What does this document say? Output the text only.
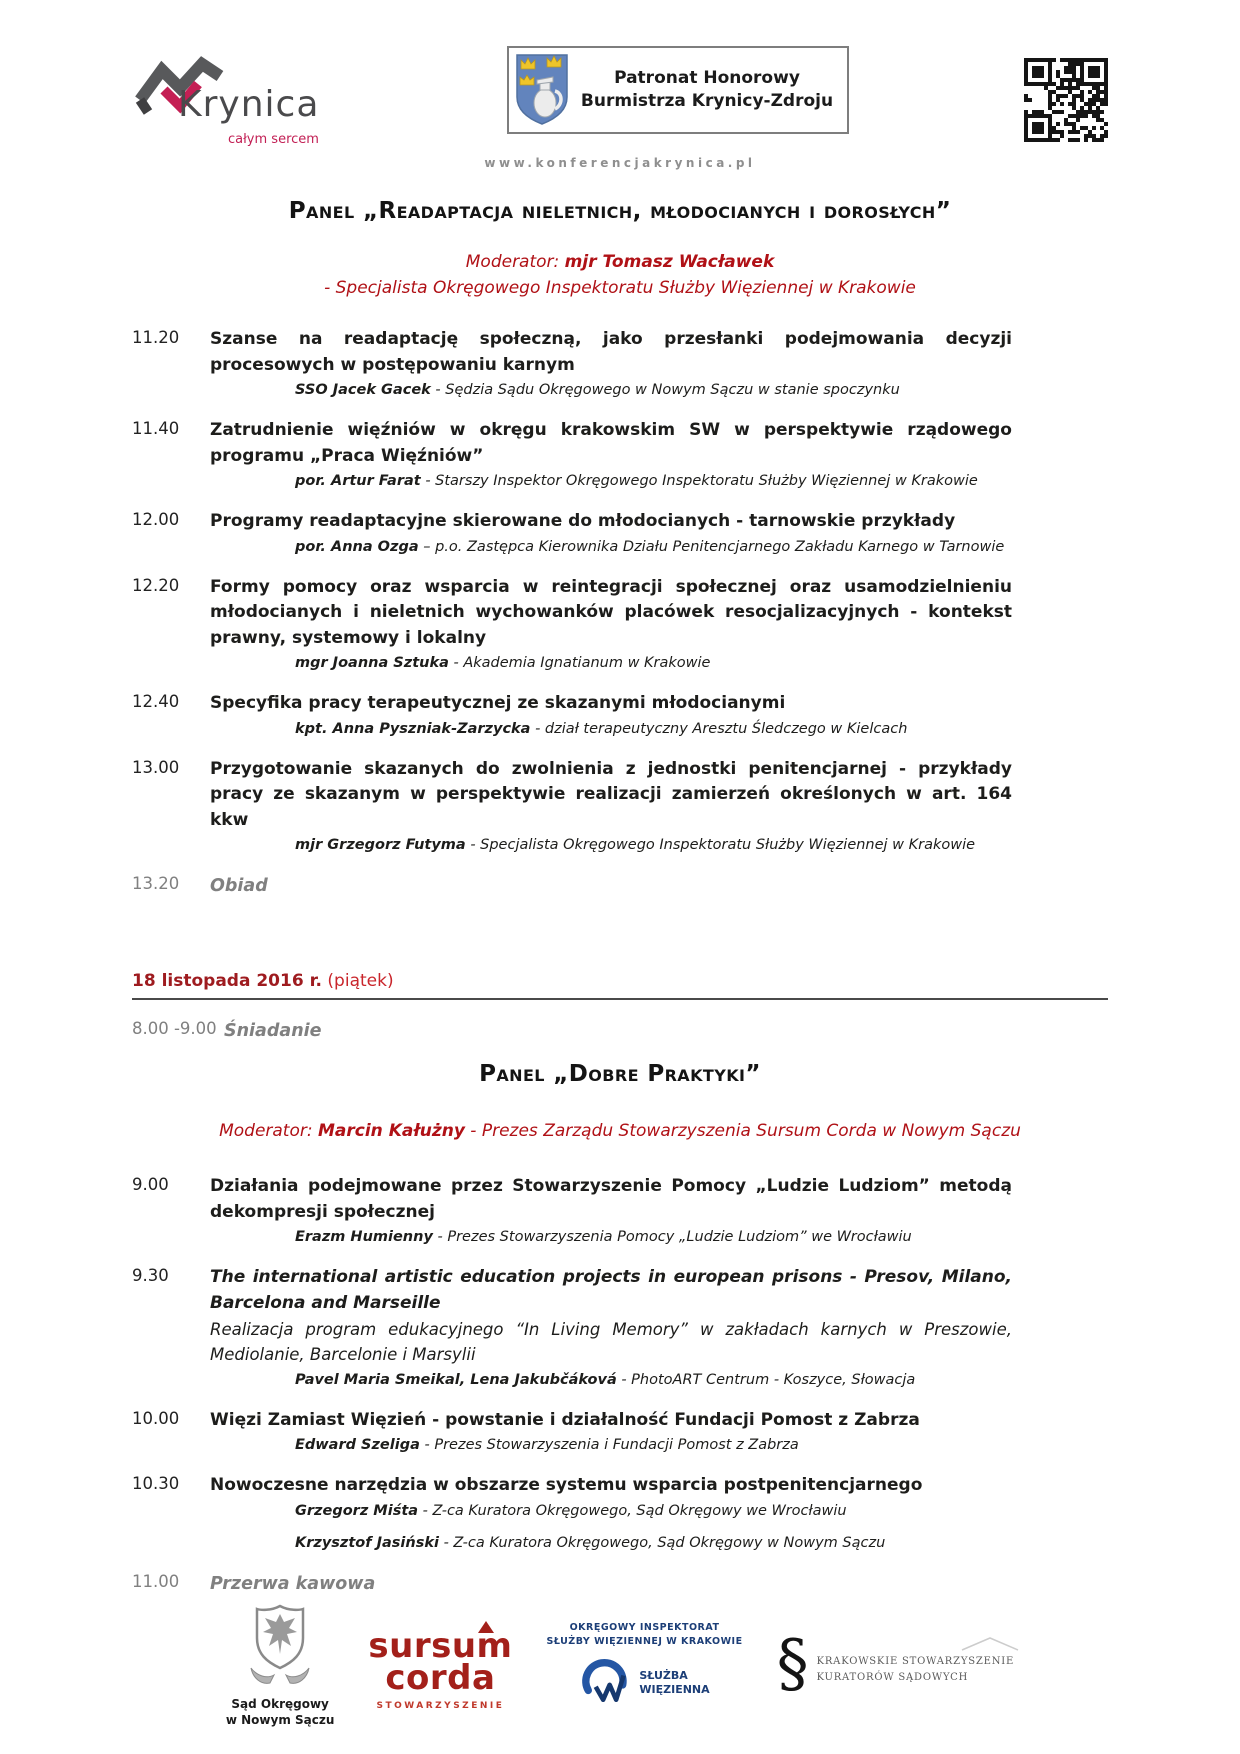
Krynica
całym sercem
Patronat Honorowy
Burmistrza Krynicy-Zdroju
www.konferencjakrynica.pl
Panel „Readaptacja nieletnich, młodocianych i dorosłych”
Moderator: mjr Tomasz Wacławek
- Specjalista Okręgowego Inspektoratu Służby Więziennej w Krakowie
11.20	Szanse na readaptację społeczną, jako przesłanki podejmowania decyzji procesowych w postępowaniu karnym
SSO Jacek Gacek - Sędzia Sądu Okręgowego w Nowym Sączu w stanie spoczynku
11.40	Zatrudnienie więźniów w okręgu krakowskim SW w perspektywie rządowego programu „Praca Więźniów”
por. Artur Farat - Starszy Inspektor Okręgowego Inspektoratu Służby Więziennej w Krakowie
12.00	Programy readaptacyjne skierowane do młodocianych - tarnowskie przykłady
por. Anna Ozga – p.o. Zastępca Kierownika Działu Penitencjarnego Zakładu Karnego w Tarnowie
12.20	Formy pomocy oraz wsparcia w reintegracji społecznej oraz usamodzielnieniu młodocianych i nieletnich wychowanków placówek resocjalizacyjnych - kontekst prawny, systemowy i lokalny
mgr Joanna Sztuka - Akademia Ignatianum w Krakowie
12.40	Specyfika pracy terapeutycznej ze skazanymi młodocianymi
kpt. Anna Pyszniak-Zarzycka - dział terapeutyczny Aresztu Śledczego w Kielcach
13.00	Przygotowanie skazanych do zwolnienia z jednostki penitencjarnej - przykłady pracy ze skazanym w perspektywie realizacji zamierzeń określonych w art. 164 kkw
mjr Grzegorz Futyma - Specjalista Okręgowego Inspektoratu Służby Więziennej w Krakowie
13.20	Obiad
18 listopada 2016 r. (piątek)
8.00 -9.00 Śniadanie
Panel „Dobre Praktyki”
Moderator: Marcin Kałużny - Prezes Zarządu Stowarzyszenia Sursum Corda w Nowym Sączu
9.00	Działania podejmowane przez Stowarzyszenie Pomocy „Ludzie Ludziom” metodą dekompresji społecznej
Erazm Humienny - Prezes Stowarzyszenia Pomocy „Ludzie Ludziom” we Wrocławiu
9.30	The international artistic education projects in european prisons - Presov, Milano, Barcelona and Marseille
Realizacja program edukacyjnego “In Living Memory” w zakładach karnych w Preszowie, Mediolanie, Barcelonie i Marsylii
Pavel Maria Smeikal, Lena Jakubčáková - PhotoART Centrum - Koszyce, Słowacja
10.00	Więzi Zamiast Więzień - powstanie i działalność Fundacji Pomost z Zabrza
Edward Szeliga - Prezes Stowarzyszenia i Fundacji Pomost z Zabrza
10.30	Nowoczesne narzędzia w obszarze systemu wsparcia postpenitencjarnego
Grzegorz Miśta - Z-ca Kuratora Okręgowego, Sąd Okręgowy we Wrocławiu
Krzysztof Jasiński - Z-ca Kuratora Okręgowego, Sąd Okręgowy w Nowym Sączu
11.00	Przerwa kawowa
Sąd Okręgowy
w Nowym Sączu
sursum
corda
STOWARZYSZENIE
OKRĘGOWY INSPEKTORAT
SŁUŻBY WIĘZIENNEJ W KRAKOWIE
SŁUŻBA
WIĘZIENNA § KRAKOWSKIE STOWARZYSZENIE
KURATORÓW SĄDOWYCH
